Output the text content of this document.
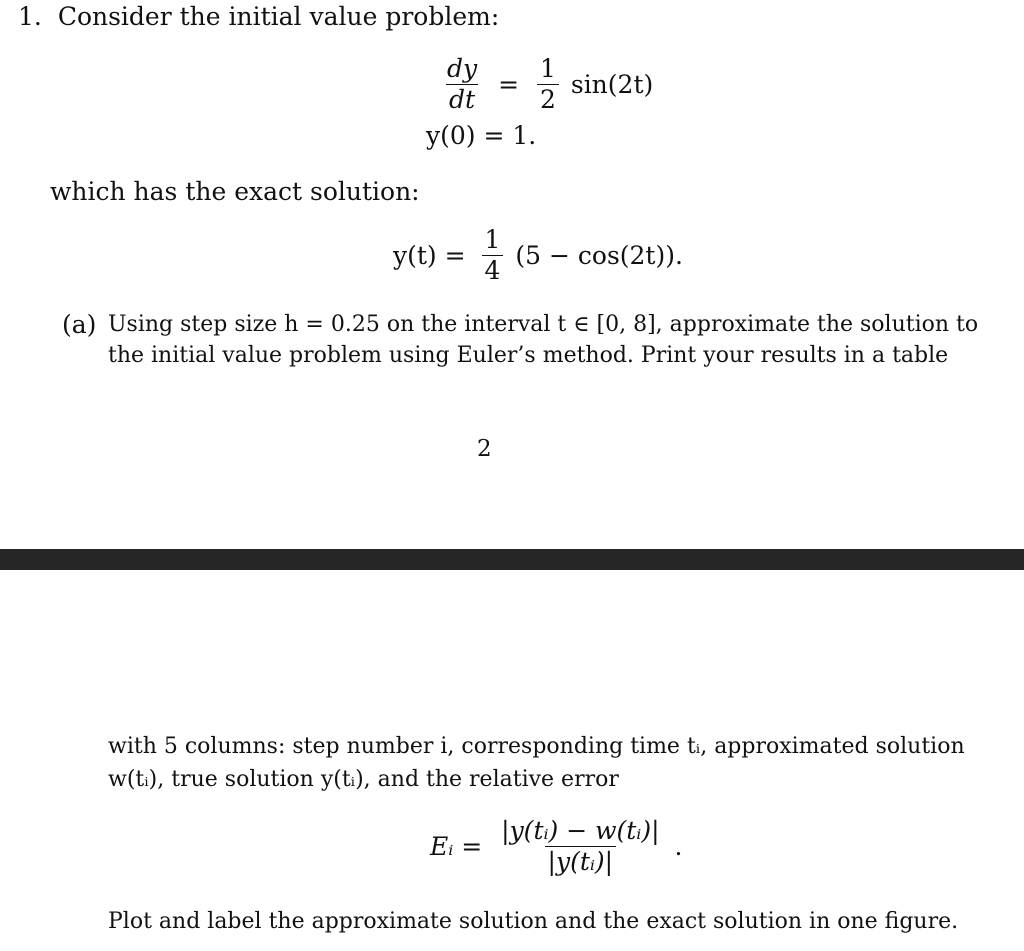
1. Consider the initial value problem:
$\frac{dy}{dt} = \frac{1}{2} \sin(2t)$
y(0) = 1.
which has the exact solution:
$y(t) = \frac{1}{4} (5 - \cos(2t))$.
(a) Using step size h = 0.25 on the interval t ∈ [0, 8], approximate the solution to
the initial value problem using Euler’s method. Print your results in a table
2
with 5 columns: step number i, corresponding time tᵢ, approximated solution
w(tᵢ), true solution y(tᵢ), and the relative error
Eᵢ = $\frac{\text{|y(tᵢ) − w(tᵢ)|}}{\text{|y(tᵢ)|}}$ .
Plot and label the approximate solution and the exact solution in one figure.
